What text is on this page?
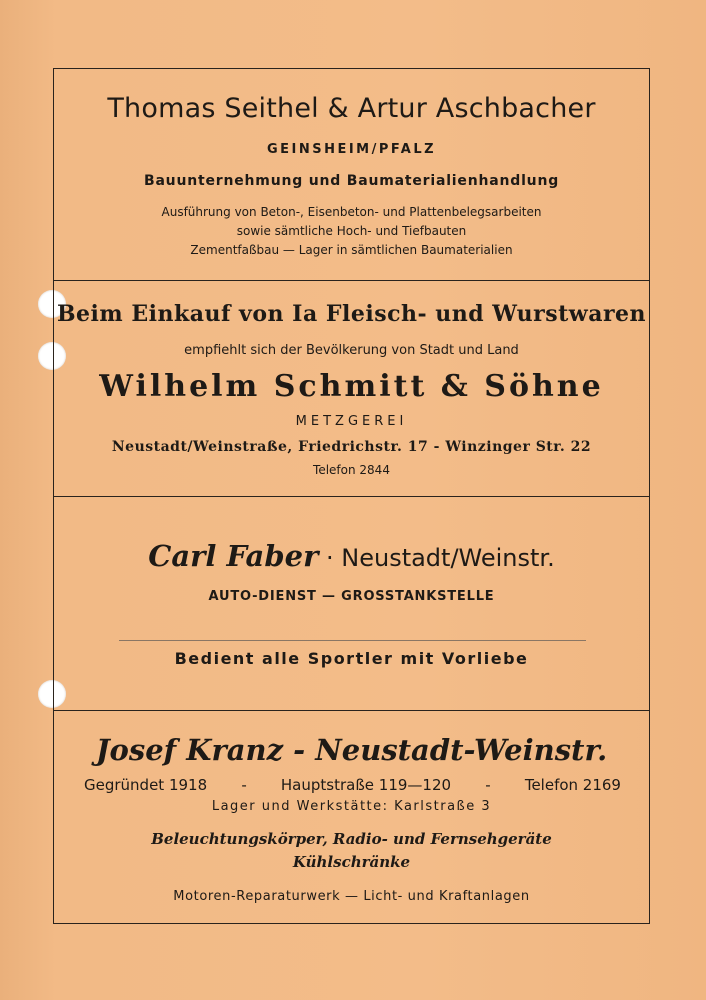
Thomas Seithel & Artur Aschbacher
GEINSHEIM/PFALZ
Bauunternehmung und Baumaterialienhandlung
Ausführung von Beton-, Eisenbeton- und Plattenbelegsarbeiten
sowie sämtliche Hoch- und Tiefbauten
Zementfaßbau — Lager in sämtlichen Baumaterialien
Beim Einkauf von Ia Fleisch- und Wurstwaren
empfiehlt sich der Bevölkerung von Stadt und Land
Wilhelm Schmitt & Söhne
METZGEREI
Neustadt/Weinstraße, Friedrichstr. 17 - Winzinger Str. 22
Telefon 2844
Carl Faber · Neustadt/Weinstr.
AUTO-DIENST — GROSSTANKSTELLE
Bedient alle Sportler mit Vorliebe
Josef Kranz - Neustadt-Weinstr.
Gegründet 1918 - Hauptstraße 119—120 - Telefon 2169
Lager und Werkstätte: Karlstraße 3
Beleuchtungskörper, Radio- und Fernsehgeräte
Kühlschränke
Motoren-Reparaturwerk — Licht- und Kraftanlagen
